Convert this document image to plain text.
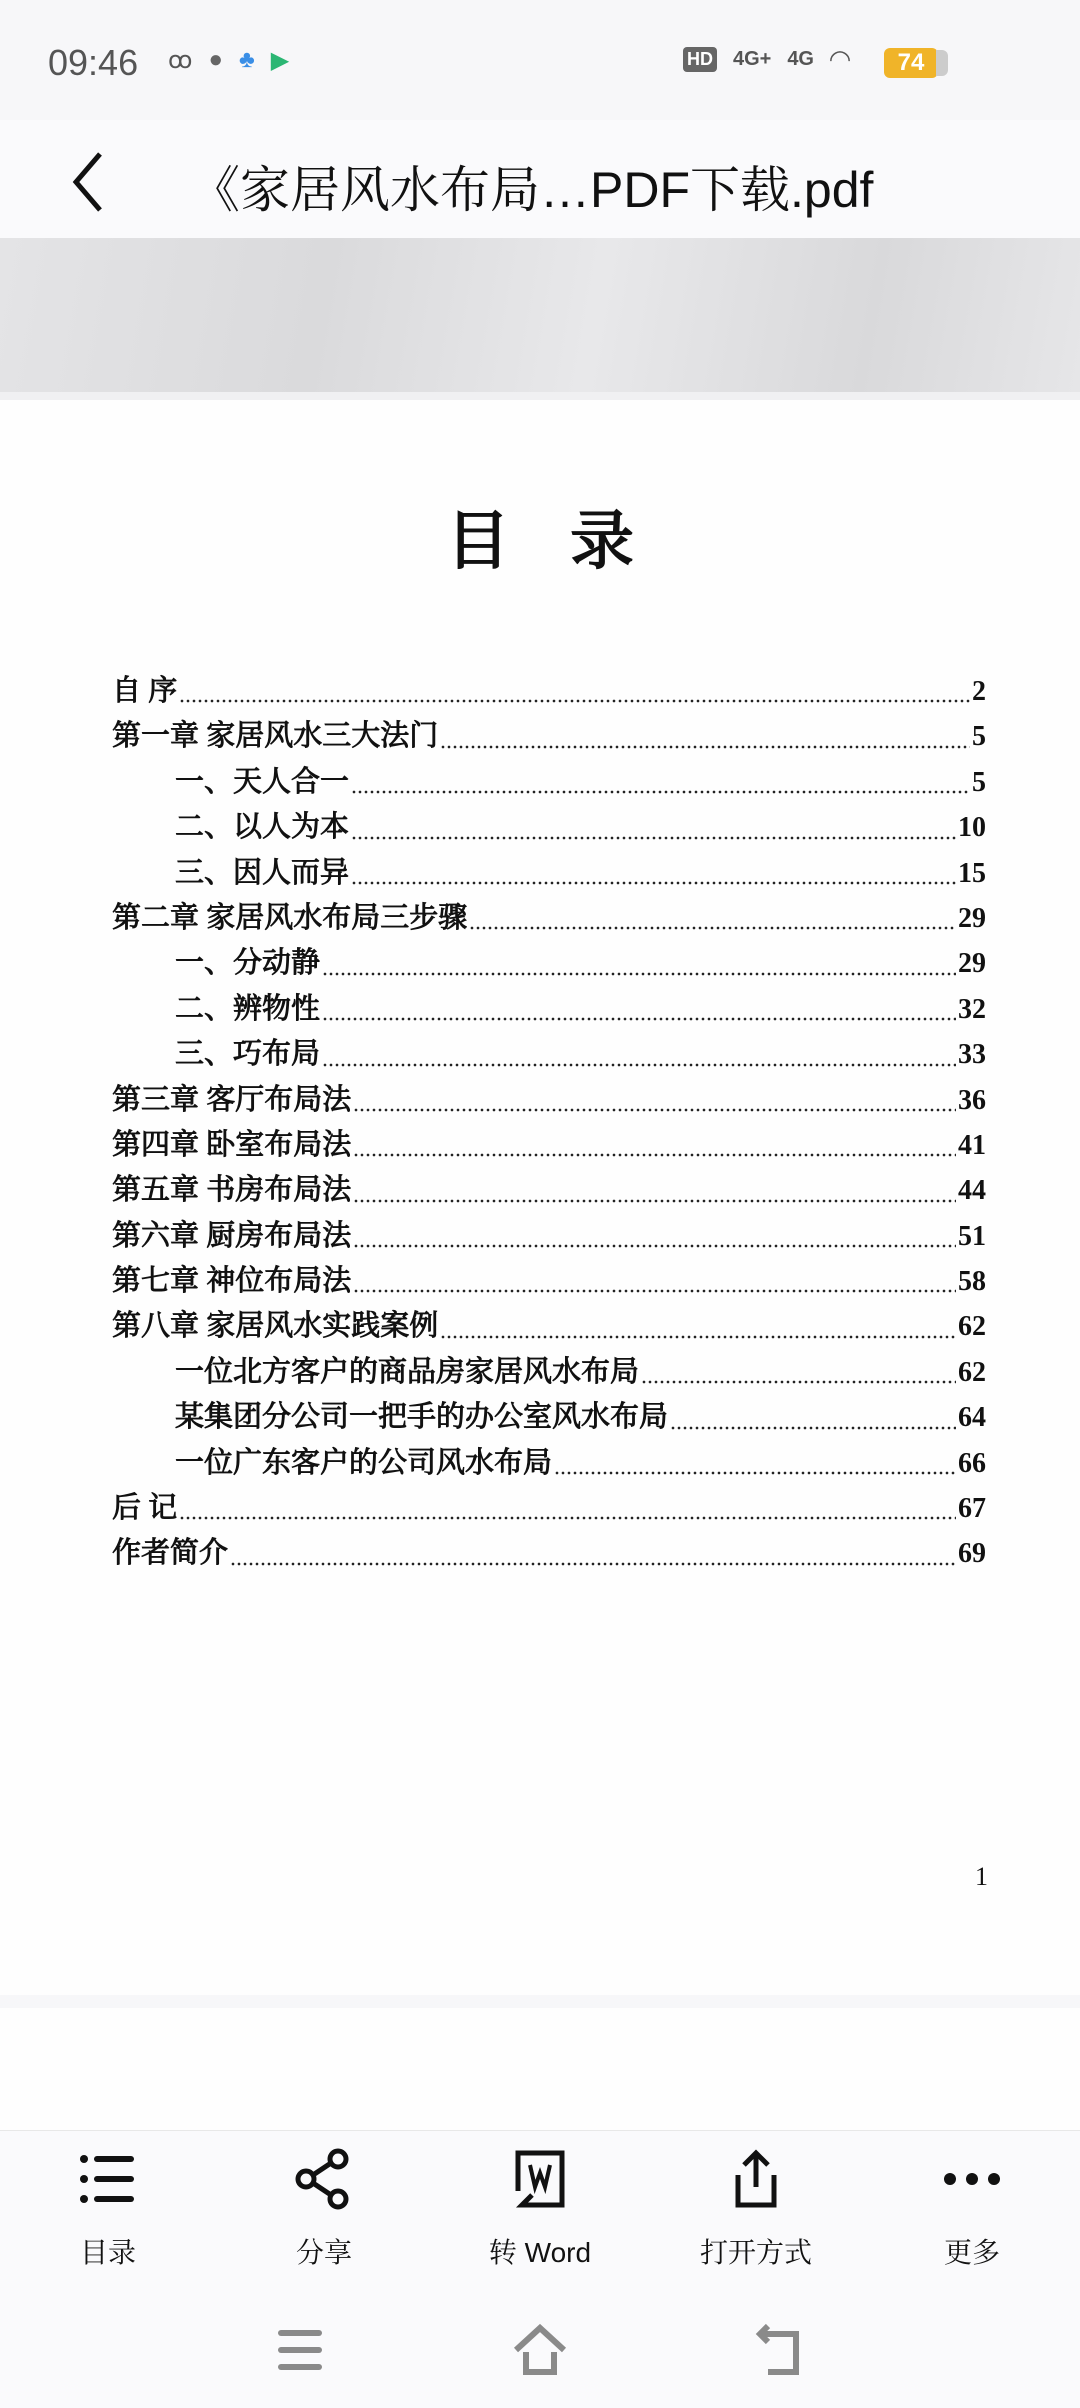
09:46 ꝏ ● ♣ ▶	HD 4G+ 4G ◠	74
《家居风水布局…PDF下载.pdf
目录
自 序	2
第一章 家居风水三大法门	5
一、天人合一	5
二、以人为本	10
三、因人而异	15
第二章 家居风水布局三步骤	29
一、分动静	29
二、辨物性	32
三、巧布局	33
第三章 客厅布局法	36
第四章 卧室布局法	41
第五章 书房布局法	44
第六章 厨房布局法	51
第七章 神位布局法	58
第八章 家居风水实践案例	62
一位北方客户的商品房家居风水布局	62
某集团分公司一把手的办公室风水布局	64
一位广东客户的公司风水布局	66
后 记	67
作者简介	69
1
目录	分享	转 Word	打开方式	更多
